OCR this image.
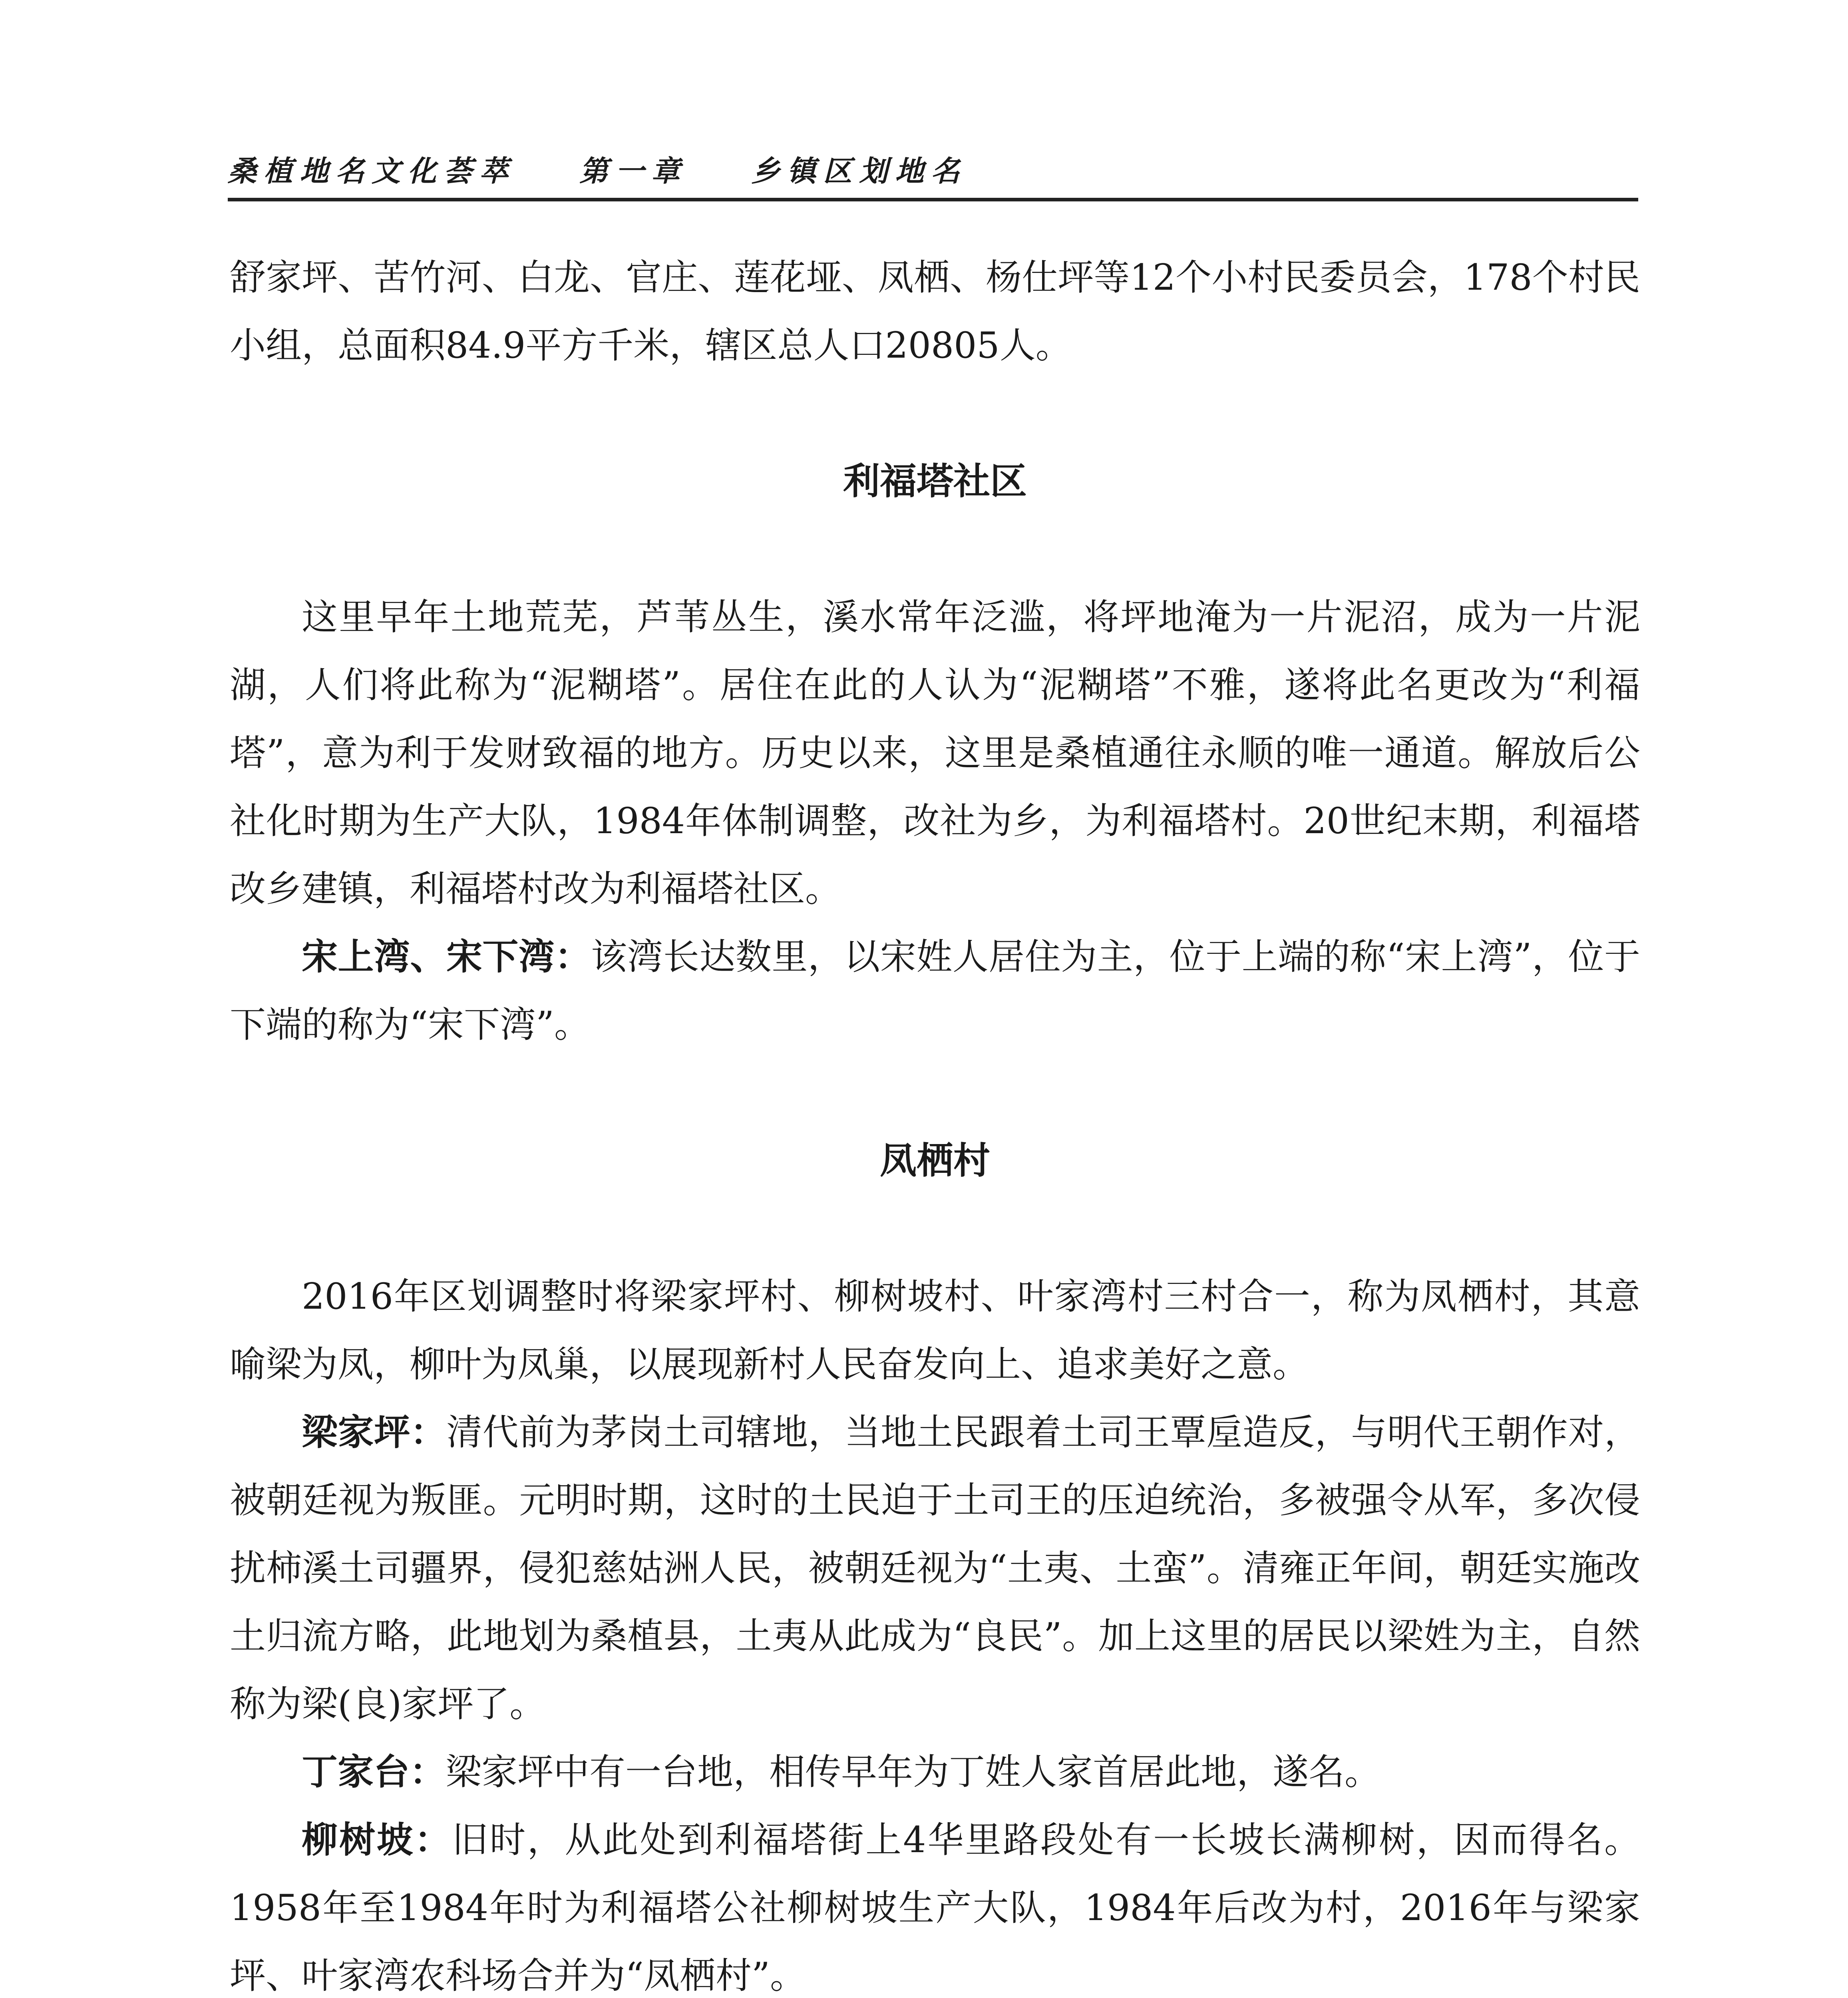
桑植地名文化荟萃 第一章 乡镇区划地名

舒家坪、苦竹河、白龙、官庄、莲花垭、凤栖、杨仕坪等12个小村民委员会，178个村民小组，总面积84.9平方千米，辖区总人口20805人。

利福塔社区

这里早年土地荒芜，芦苇丛生，溪水常年泛滥，将坪地淹为一片泥沼，成为一片泥湖，人们将此称为“泥糊塔”。居住在此的人认为“泥糊塔”不雅，遂将此名更改为“利福塔”，意为利于发财致福的地方。历史以来，这里是桑植通往永顺的唯一通道。解放后公社化时期为生产大队，1984年体制调整，改社为乡，为利福塔村。20世纪末期，利福塔改乡建镇，利福塔村改为利福塔社区。

宋上湾、宋下湾：该湾长达数里，以宋姓人居住为主，位于上端的称“宋上湾”，位于下端的称为“宋下湾”。

凤栖村

2016年区划调整时将梁家坪村、柳树坡村、叶家湾村三村合一，称为凤栖村，其意喻梁为凤，柳叶为凤巢，以展现新村人民奋发向上、追求美好之意。

梁家坪：清代前为茅岗土司辖地，当地土民跟着土司王覃垕造反，与明代王朝作对，被朝廷视为叛匪。元明时期，这时的土民迫于土司王的压迫统治，多被强令从军，多次侵扰柿溪土司疆界，侵犯慈姑洲人民，被朝廷视为“土夷、土蛮”。清雍正年间，朝廷实施改土归流方略，此地划为桑植县，土夷从此成为“良民”。加上这里的居民以梁姓为主，自然称为梁(良)家坪了。

丁家台：梁家坪中有一台地，相传早年为丁姓人家首居此地，遂名。

柳树坡：旧时，从此处到利福塔街上4华里路段处有一长坡长满柳树，因而得名。1958年至1984年时为利福塔公社柳树坡生产大队，1984年后改为村，2016年与梁家坪、叶家湾农科场合并为“凤栖村”。
